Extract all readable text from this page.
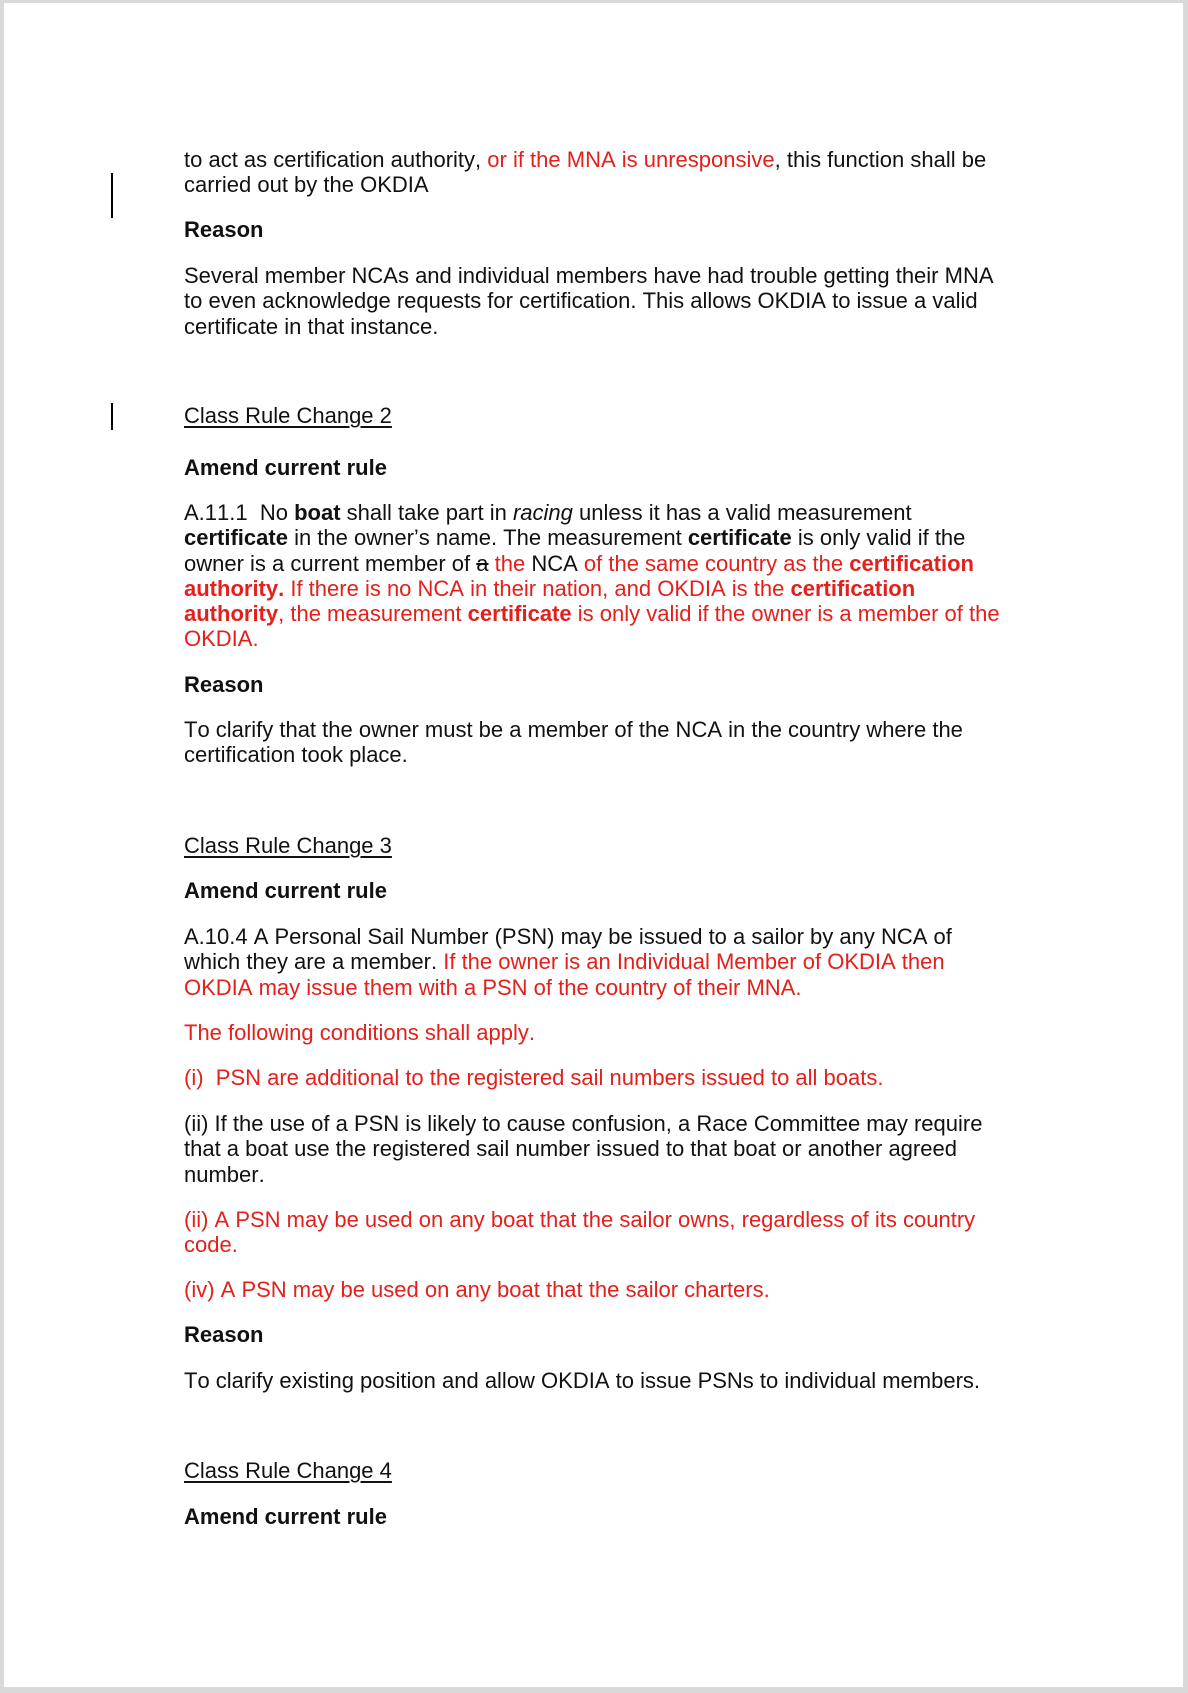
to act as certification authority, or if the MNA is unresponsive, this function shall be carried out by the OKDIA

Reason

Several member NCAs and individual members have had trouble getting their MNA to even acknowledge requests for certification. This allows OKDIA to issue a valid certificate in that instance.

Class Rule Change 2

Amend current rule

A.11.1  No boat shall take part in racing unless it has a valid measurement certificate in the owner’s name. The measurement certificate is only valid if the owner is a current member of a the NCA of the same country as the certification authority. If there is no NCA in their nation, and OKDIA is the certification authority, the measurement certificate is only valid if the owner is a member of the OKDIA.

Reason

To clarify that the owner must be a member of the NCA in the country where the certification took place.

Class Rule Change 3

Amend current rule

A.10.4 A Personal Sail Number (PSN) may be issued to a sailor by any NCA of which they are a member. If the owner is an Individual Member of OKDIA then OKDIA may issue them with a PSN of the country of their MNA.

The following conditions shall apply.

(i)  PSN are additional to the registered sail numbers issued to all boats.

(ii) If the use of a PSN is likely to cause confusion, a Race Committee may require that a boat use the registered sail number issued to that boat or another agreed number.

(ii) A PSN may be used on any boat that the sailor owns, regardless of its country code.

(iv) A PSN may be used on any boat that the sailor charters.

Reason

To clarify existing position and allow OKDIA to issue PSNs to individual members.

Class Rule Change 4

Amend current rule
